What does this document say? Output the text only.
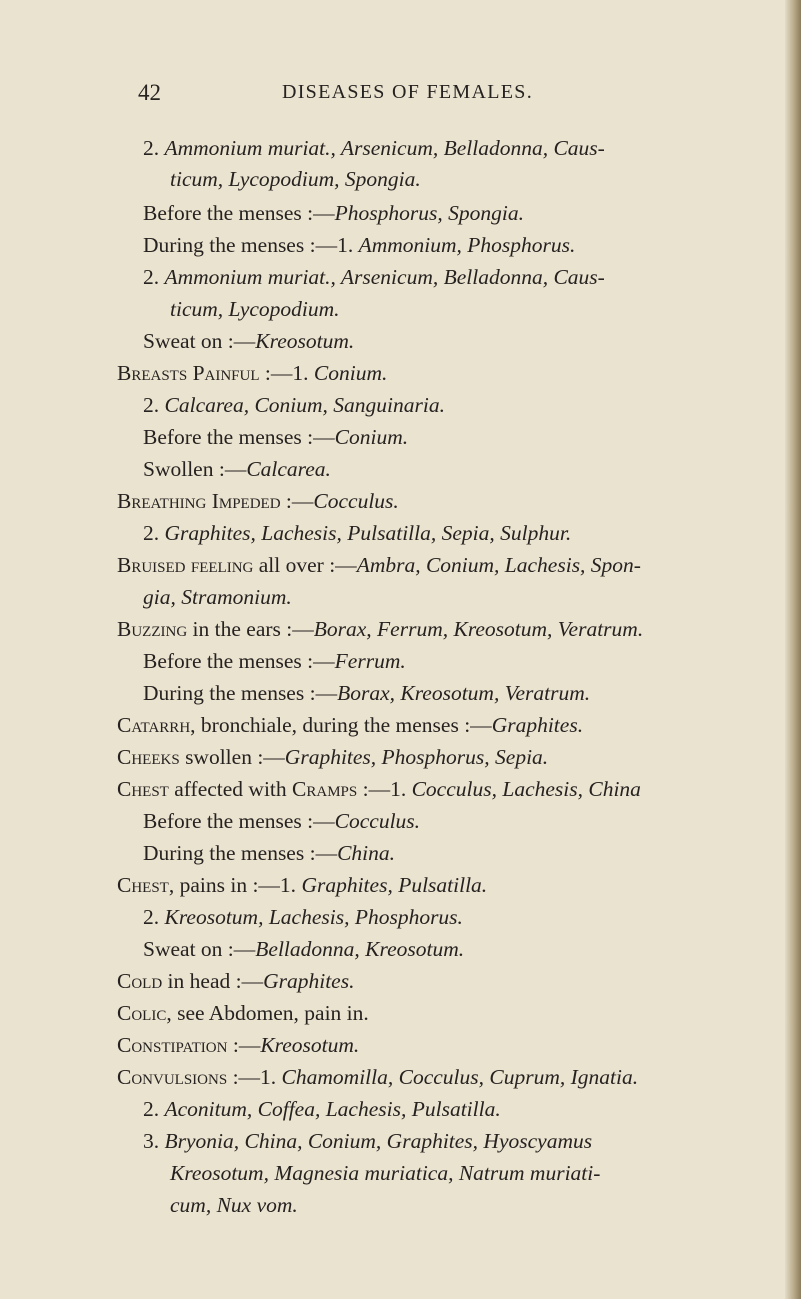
42	DISEASES OF FEMALES.
2. Ammonium muriat., Arsenicum, Belladonna, Caus-
ticum, Lycopodium, Spongia.
Before the menses :—Phosphorus, Spongia.
During the menses :—1. Ammonium, Phosphorus.
2. Ammonium muriat., Arsenicum, Belladonna, Caus-
ticum, Lycopodium.
Sweat on :—Kreosotum.
Breasts Painful :—1. Conium.
2. Calcarea, Conium, Sanguinaria.
Before the menses :—Conium.
Swollen :—Calcarea.
Breathing Impeded :—Cocculus.
2. Graphites, Lachesis, Pulsatilla, Sepia, Sulphur.
Bruised feeling all over :—Ambra, Conium, Lachesis, Spon-
gia, Stramonium.
Buzzing in the ears :—Borax, Ferrum, Kreosotum, Veratrum.
Before the menses :—Ferrum.
During the menses :—Borax, Kreosotum, Veratrum.
Catarrh, bronchiale, during the menses :—Graphites.
Cheeks swollen :—Graphites, Phosphorus, Sepia.
Chest affected with Cramps :—1. Cocculus, Lachesis, China
Before the menses :—Cocculus.
During the menses :—China.
Chest, pains in :—1. Graphites, Pulsatilla.
2. Kreosotum, Lachesis, Phosphorus.
Sweat on :—Belladonna, Kreosotum.
Cold in head :—Graphites.
Colic, see Abdomen, pain in.
Constipation :—Kreosotum.
Convulsions :—1. Chamomilla, Cocculus, Cuprum, Ignatia.
2. Aconitum, Coffea, Lachesis, Pulsatilla.
3. Bryonia, China, Conium, Graphites, Hyoscyamus
Kreosotum, Magnesia muriatica, Natrum muriati-
cum, Nux vom.
